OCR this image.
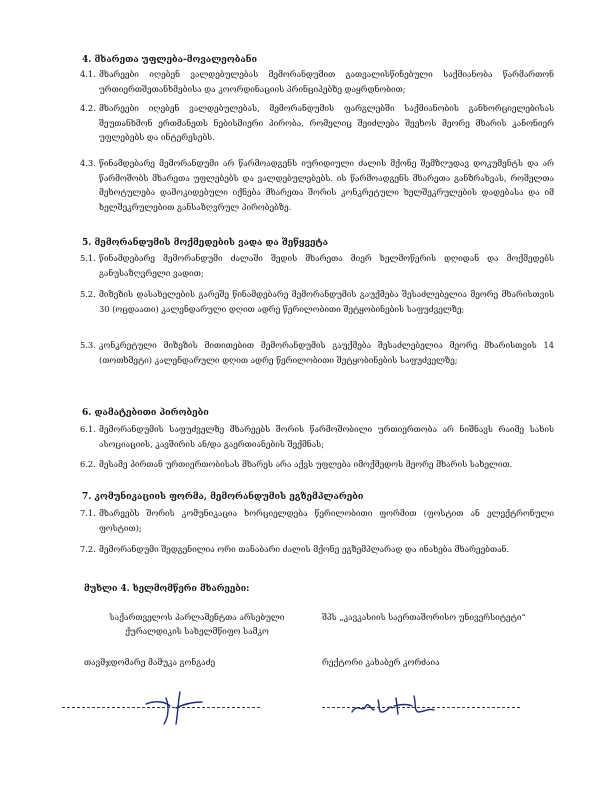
4. მხარეთა უფლება-მოვალეობანი
4.1. მხარეები იღებენ ვალდებულებას მემორანდუმით გათვალისწინებული საქმიანობა წარმართონ ურთიერთშეთანხმებისა და კოორდინაციის პრინციპებზე დაყრდნობით;
4.2. მხარეები იღებენ ვალდებულებას, მემორანდუმის ფარგლებში საქმიანობის განხორციელებისას შეუთანხმონ ერთმანეთს ნებისმიერი პირობა, რომელიც შეიძლება შეეხოს მეორე მხარის კანონიერ უფლებებს და ინტერესებს.
4.3. წინამდებარე მემორანდუმი არ წარმოადგენს იურიდიული ძალის მქონე შემზღუდავ დოკუმენტს და არ წარმოშობს მხარეთა უფლებებს და ვალდებულებებს. ის წარმოადგენს მხარეთა განზრახვას, რომელთა მეხოტულება დამოკიდებული იქნება მხარეთა შორის კონკრეტული ხელშეკრულების დადებასა და იმ ხელშეკრულებით განსაზღვრულ პირობებზე.
5. მემორანდუმის მოქმედების ვადა და შეწყვეტა
5.1. წინამდებარე მემორანდუმი ძალაში შედის მხარეთა მიერ ხელმოწერის დღიდან და მოქმედებს განუსაზღვრელი ვადით;
5.2. მიზეზის დასახელების გარეშე წინამდებარე მემორანდუმის გაუქმება შესაძლებელია მეორე მხარისთვის 30 (ოცდაათი) კალენდარული დღით ადრე წერილობითი შეტყობინების საფუძველზე;
5.3. კონკრეტული მიზეზის მითითებით მემორანდუმის გაუქმება შესაძლებელია მეორე მხარისთვის 14 (თოთხმეტი) კალენდარული დღით ადრე წერილობითი შეტყობინების საფუძველზე;
6. დამატებითი პირობები
6.1. მემორანდუმის საფუძველზე მხარეებს შორის წარმოშობილი ურთიერთობა არ ნიშნავს რაიმე სახის ასოციაციის, კავშირის ან/და გაერთიანების შექმნას;
6.2. მესამე პირთან ურთიერთობისას მხარეს არა აქვს უფლება იმოქმედოს მეორე მხარის სახელით.
7. კომუნიკაციის ფორმა, მემორანდუმის ეგზემპლარები
7.1. მხარეებს შორის კომუნიკაცია ხორციელდება წერილობითი ფორმით (ფოსტით ან ელექტრონული ფოსტით);
7.2. მემორანდუმი შედგენილია ორი თანაბარი ძალის მქონე ეგზემპლარად და ინახება მხარეებთან.
მუხლი 4. ხელმომწერი მხარეები:
საქართველოს პარლამენტთა არსებული
ქურალდიკის სახელმწიფო სამკო
შპს „კავკასიის საერთაშორისო უნივერსიტეტი“
თავმჯდომარე მამუკა გონგაძე	რექტორი კახაბერ კორძაია
